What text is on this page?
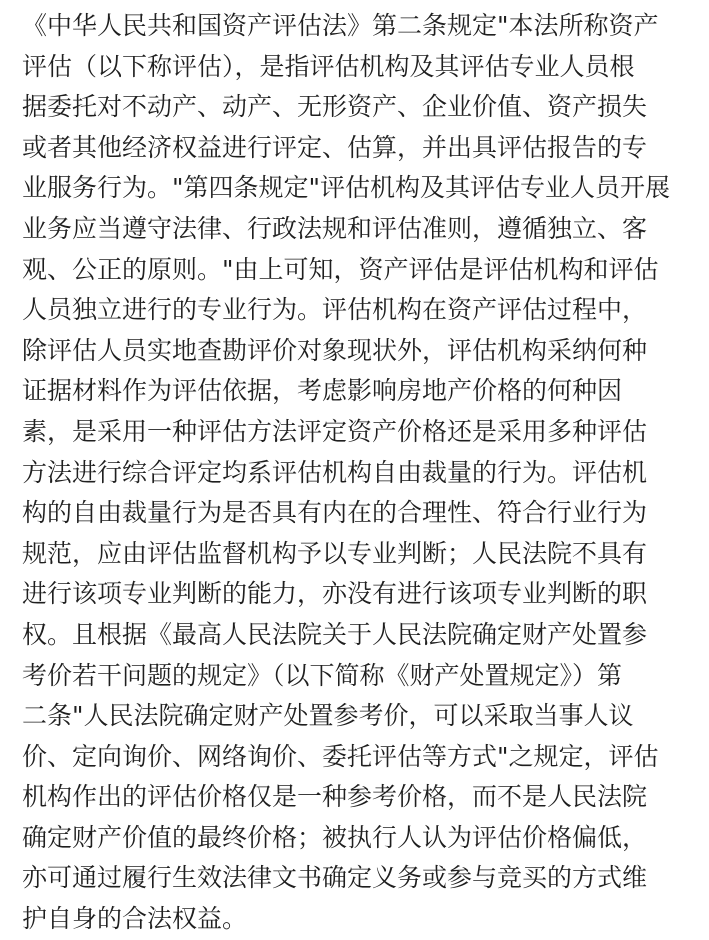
《中华人民共和国资产评估法》第二条规定"本法所称资产
评估（以下称评估），是指评估机构及其评估专业人员根
据委托对不动产、动产、无形资产、企业价值、资产损失
或者其他经济权益进行评定、估算，并出具评估报告的专
业服务行为。"第四条规定"评估机构及其评估专业人员开展
业务应当遵守法律、行政法规和评估准则，遵循独立、客
观、公正的原则。"由上可知，资产评估是评估机构和评估
人员独立进行的专业行为。评估机构在资产评估过程中，
除评估人员实地查勘评价对象现状外，评估机构采纳何种
证据材料作为评估依据，考虑影响房地产价格的何种因
素，是采用一种评估方法评定资产价格还是采用多种评估
方法进行综合评定均系评估机构自由裁量的行为。评估机
构的自由裁量行为是否具有内在的合理性、符合行业行为
规范，应由评估监督机构予以专业判断；人民法院不具有
进行该项专业判断的能力，亦没有进行该项专业判断的职
权。且根据《最高人民法院关于人民法院确定财产处置参
考价若干问题的规定》（以下简称《财产处置规定》）第
二条"人民法院确定财产处置参考价，可以采取当事人议
价、定向询价、网络询价、委托评估等方式"之规定，评估
机构作出的评估价格仅是一种参考价格，而不是人民法院
确定财产价值的最终价格；被执行人认为评估价格偏低，
亦可通过履行生效法律文书确定义务或参与竞买的方式维
护自身的合法权益。
